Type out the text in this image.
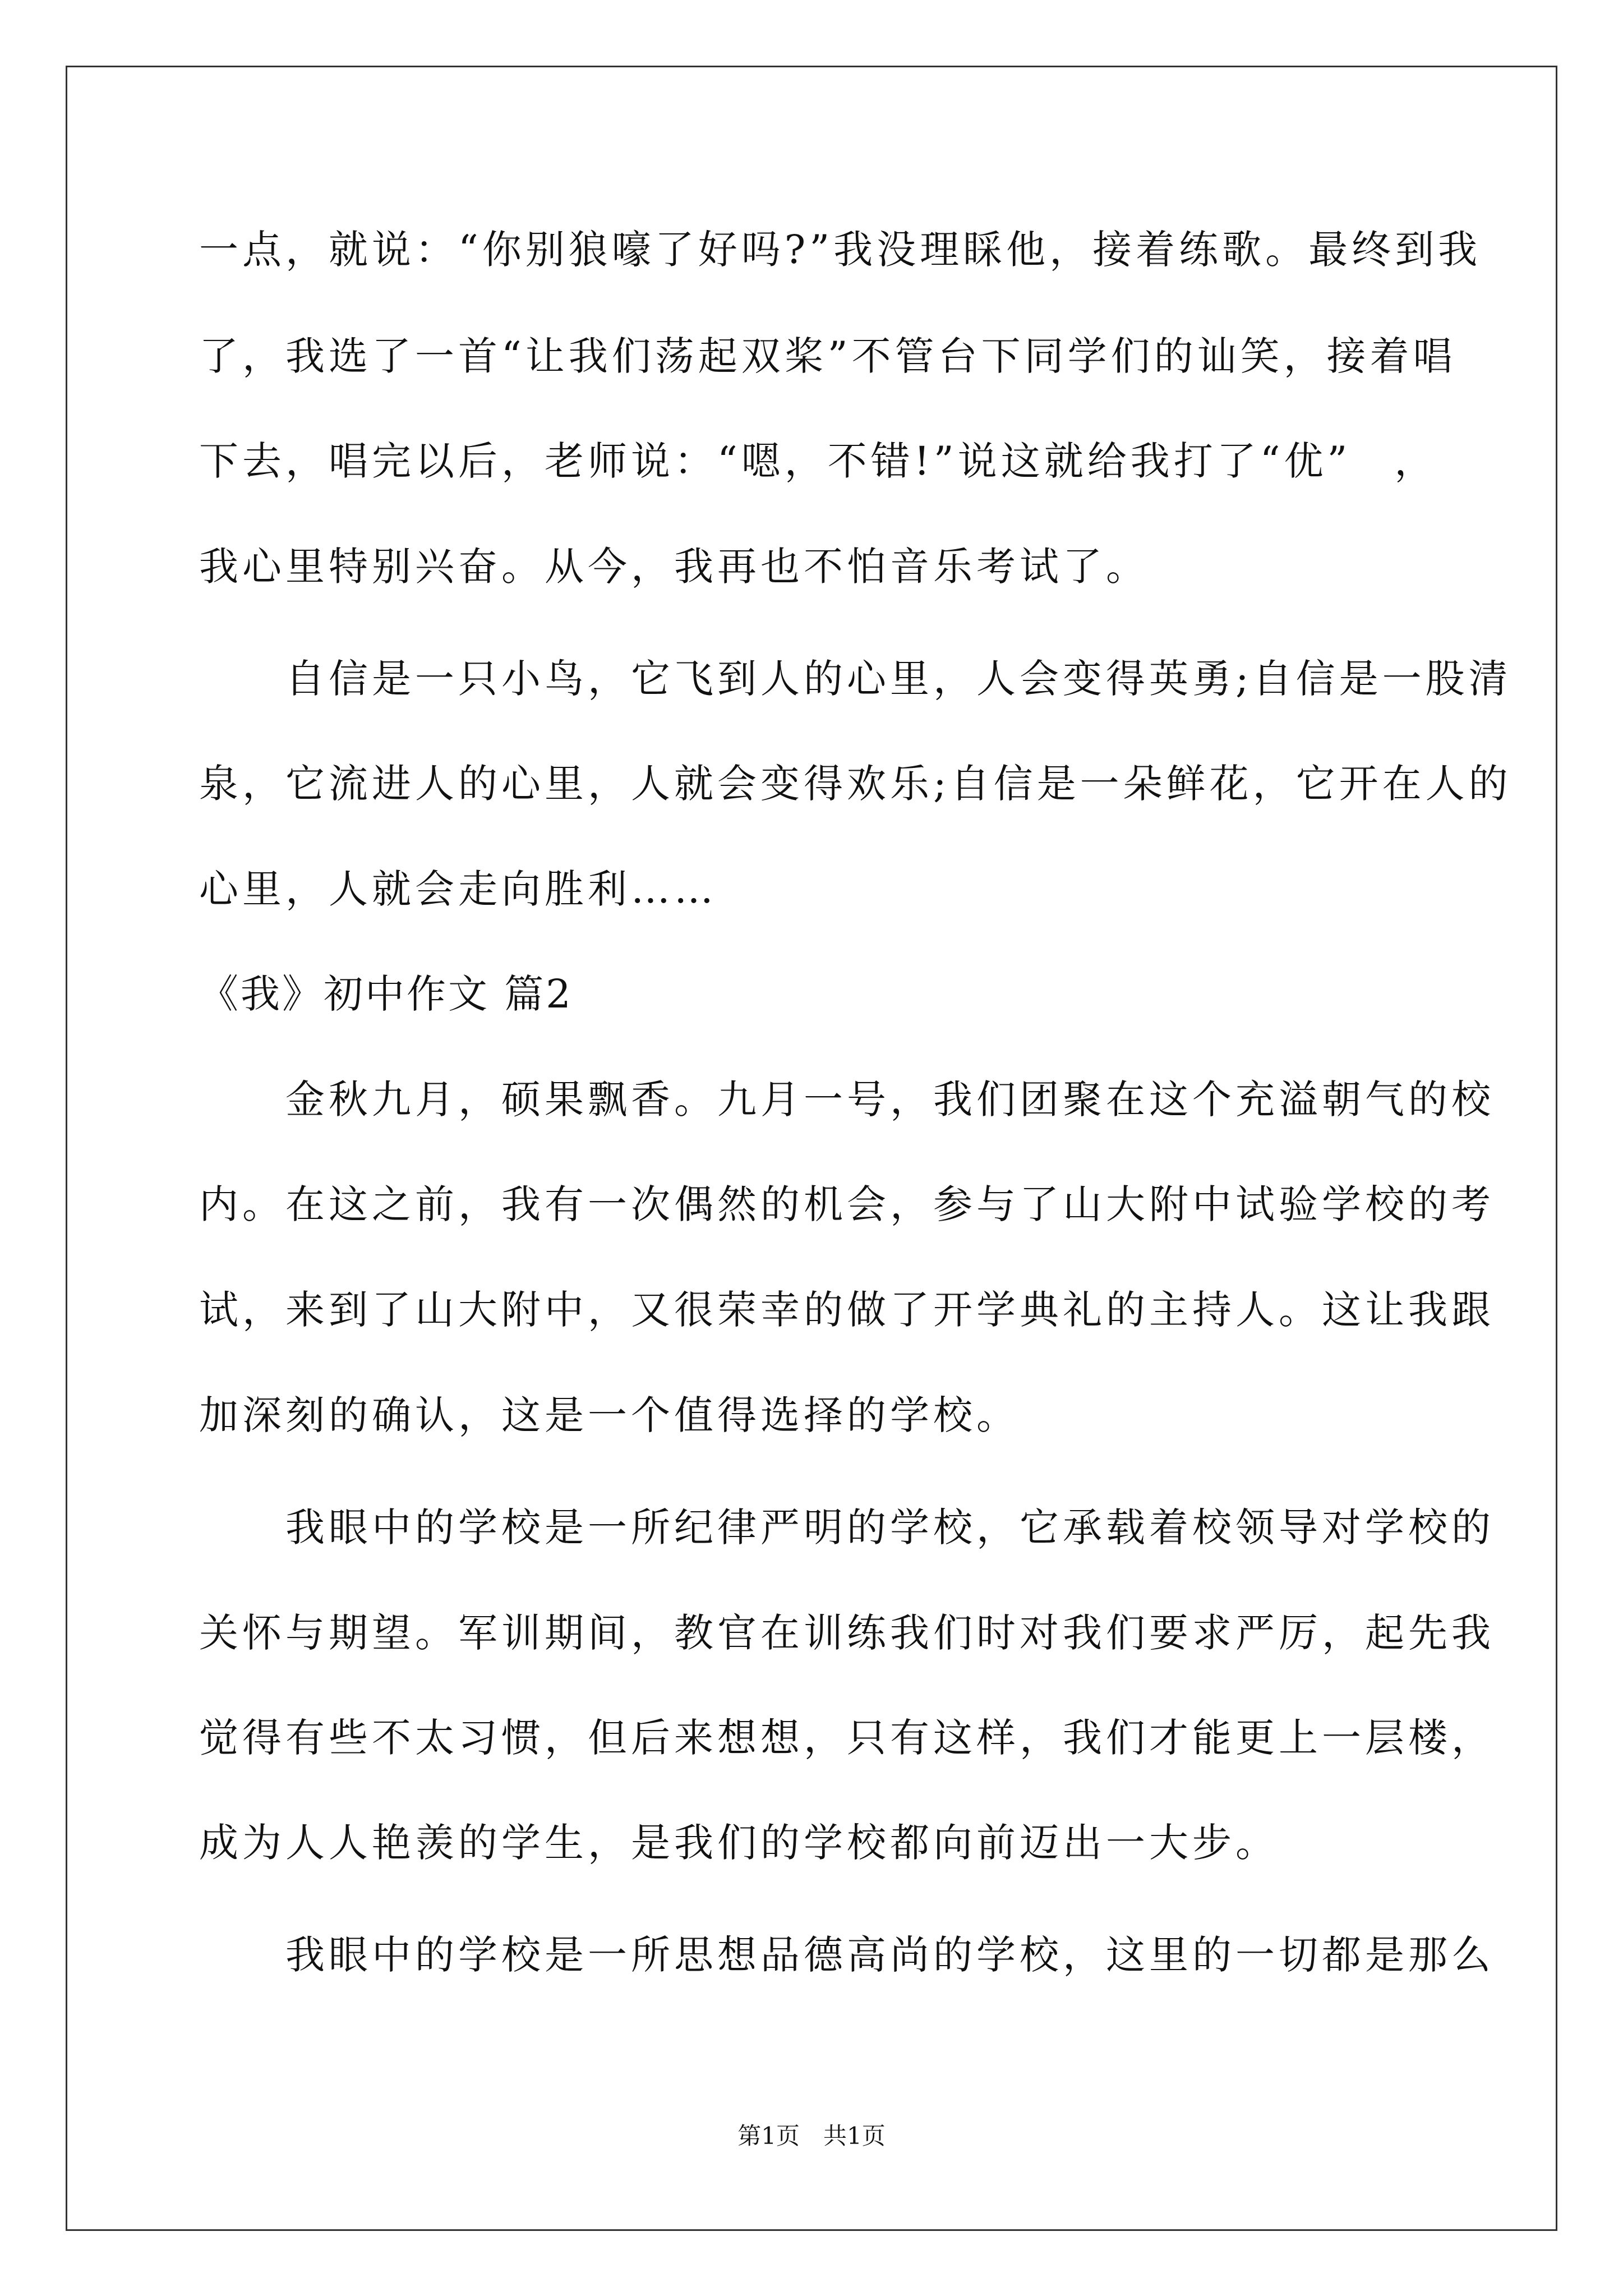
一点，就说：“你别狼嚎了好吗?”我没理睬他，接着练歌。最终到我
了，我选了一首“让我们荡起双桨”不管台下同学们的讪笑，接着唱
下去，唱完以后，老师说：“嗯，不错!”说这就给我打了“优”　，
我心里特别兴奋。从今，我再也不怕音乐考试了。
　　自信是一只小鸟，它飞到人的心里，人会变得英勇;自信是一股清
泉，它流进人的心里，人就会变得欢乐;自信是一朵鲜花，它开在人的
心里，人就会走向胜利……
《我》初中作文 篇2
　　金秋九月，硕果飘香。九月一号，我们团聚在这个充溢朝气的校
内。在这之前，我有一次偶然的机会，参与了山大附中试验学校的考
试，来到了山大附中，又很荣幸的做了开学典礼的主持人。这让我跟
加深刻的确认，这是一个值得选择的学校。
　　我眼中的学校是一所纪律严明的学校，它承载着校领导对学校的
关怀与期望。军训期间，教官在训练我们时对我们要求严厉，起先我
觉得有些不太习惯，但后来想想，只有这样，我们才能更上一层楼，
成为人人艳羡的学生，是我们的学校都向前迈出一大步。
　　我眼中的学校是一所思想品德高尚的学校，这里的一切都是那么
第1页　共1页
